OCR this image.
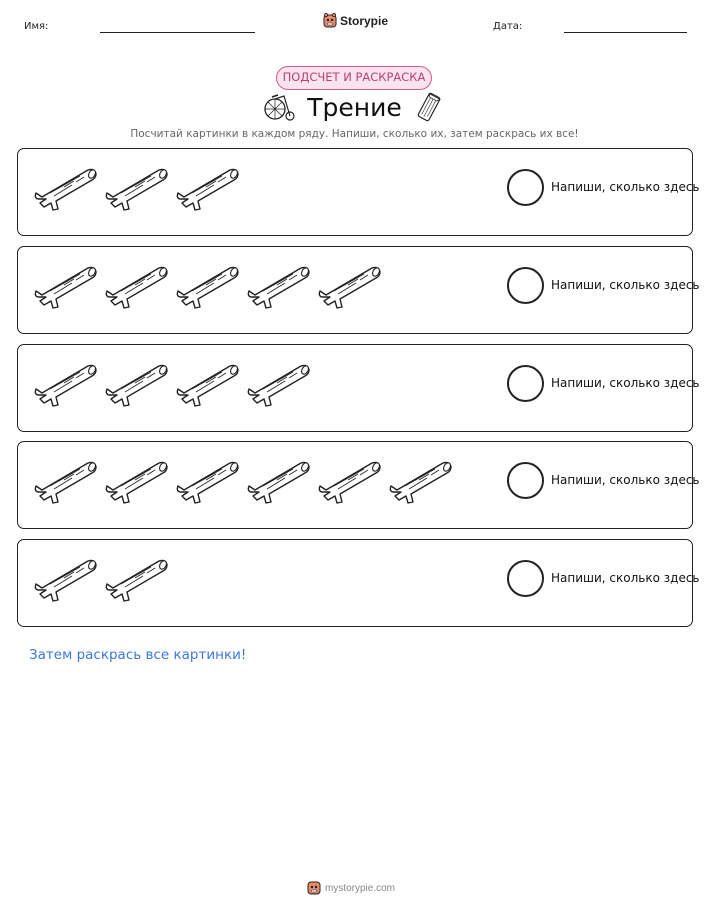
Имя:	Storypie	Дата:
ПОДСЧЕТ И РАСКРАСКА
Трение
Посчитай картинки в каждом ряду. Напиши, сколько их, затем раскрась их все!
Напиши, сколько здесь
Напиши, сколько здесь
Напиши, сколько здесь
Напиши, сколько здесь
Напиши, сколько здесь
Затем раскрась все картинки!
mystorypie.com
